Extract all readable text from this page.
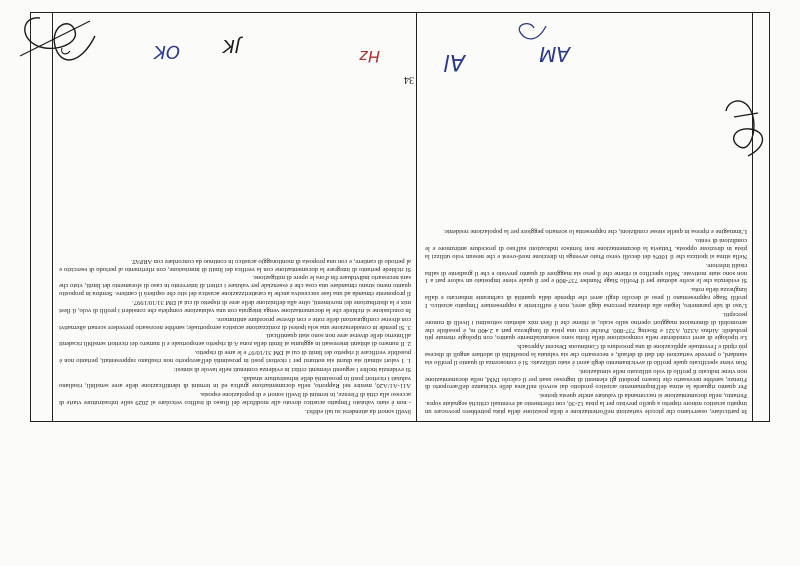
In particolare, osserviamo che piccole variazioni nell'orientazione e della posizione della pista potrebbero provocare un impatto acustico minore rispetto a quello previsto per la pista 12-30, con riferimento ad eventuali criticità segnalate sopra. Pertanto, nella documentazione si raccomanda di valutare anche questa ipotesi.

Per quanto riguarda la stima dell'inquinamento acustico prodotto dai sorvoli nell'area delle vicinanze dell'aeroporto di Firenze, sarebbe necessario che fossero prodotti gli elementi di ingresso usati per il calcolo INM, nella documentazione non viene indicato il profilo di volo utilizzato nelle simulazioni.

Non viene specificato quale profilo di avvicinamento degli aerei è stato utilizzato. Si è conoscenza di quanto il profilo sia standard, o prevede variazioni dei dati di default, e necessario che sia valutata la possibilità di adottare angoli di discesa più ripidi e l'eventuale applicazione di una procedura di Continuous Descent Approach.

Le tipologie di aerei considerate nella composizione della flotta sono sostanzialmente quattro, con tipologie ritenute più probabili: Airbus A320, A321 e Boeing 737-800. Poiché con una pista di lunghezza pari a 2.400 m, è possibile che aeromobili di dimensioni maggiori operino sullo scalo, si ritiene che il fleet mix adottato sottostimi i livelli di rumore percepiti.

L'uso di tale parametro, legato alla distanza percorsa dagli aerei, non è sufficiente a rappresentare l'impatto acustico. I profili Stage rappresentano il peso al decollo degli aerei che dipende dalla quantità di carburante imbarcato e dalla lunghezza della rotta.

Si evidenzia che le scelte adottate per il Profilo Stage Number 737-800 e per il quale viene impostato un valore pari a 1 non sono state motivate. Nello specifico si ritiene che il peso sia maggiore di quanto previsto e che il gradiente di salita risulti inferiore.

Nella stima si ipotizza che il 100% dei decolli verso Prato avvenga in direzione nord-ovest e che nessun volo utilizzi la pista in direzione opposta. Tuttavia la documentazione non fornisce indicazioni sull'uso di procedure antirumore e le condizioni di vento.

L'immagine e ripresa in quelle stesse condizioni, che rappresenta lo scenario peggiore per la popolazione residente.

livelli sonori da attendersi su tali edifici.

- non è stato valutato l'impatto acustico dovuto alle modifiche del flusso di traffico veicolare al 2029 sulle infrastrutture viarie di accesso alla città di Firenze, in termini di livelli sonori e di popolazione esposta.

A11-A1/A20, mentre nel Rapporto, nella documentazione grafica ed in termini di identificazione delle aree sensibili, risultano valutati i ricettori posti in prossimità delle infrastrutture stradali.

Si evidenzia inoltre i seguenti elementi critici in evidenza contenuti nelle tavole di sintesi:

1. I valori stimati sia diurni sia notturni per i ricettori posti in prossimità dell'aeroporto non risultano rappresentati, pertanto non è possibile verificare il rispetto dei limiti di cui al DM 31/10/97 e le aree di rispetto.

2. Il numero di abitanti interessati in aggiunta ai limiti della zona A di rispetto aeroportuale e il numero dei ricettori sensibili ricadenti all'interno delle diverse aree non sono stati quantificati.

3. Si prende in considerazione una sola ipotesi di zonizzazione acustica aeroportuale; sarebbe necessario prevedere scenari alternativi con diverse configurazioni delle rotte e con diverse procedure antirumore.

In conclusione si richiede che la documentazione venga integrata con una valutazione completa che consideri i profili di volo, il fleet mix e la distribuzione dei movimenti, oltre alla definizione delle aree di rispetto di cui al DM 31/10/1997.

Il proponente rimanda ad una fase successiva anche la caratterizzazione acustica del sito che ospiterà il cantiere. Sembra in proposito quanto meno strano rimandare una cosa che è essenziale per valutare i criteri di intervento in caso di sforamento dei limiti, visto che sarà necessario individuare fin d'ora le opere di mitigazione.

Si richiede pertanto di integrare la documentazione con la verifica dei limiti di immissione, con riferimento al periodo di esercizio e al periodo di cantiere, e con una proposta di monitoraggio acustico in continuo da concordare con ARPAT.

34
AM
Al
Hz
JK
OK
